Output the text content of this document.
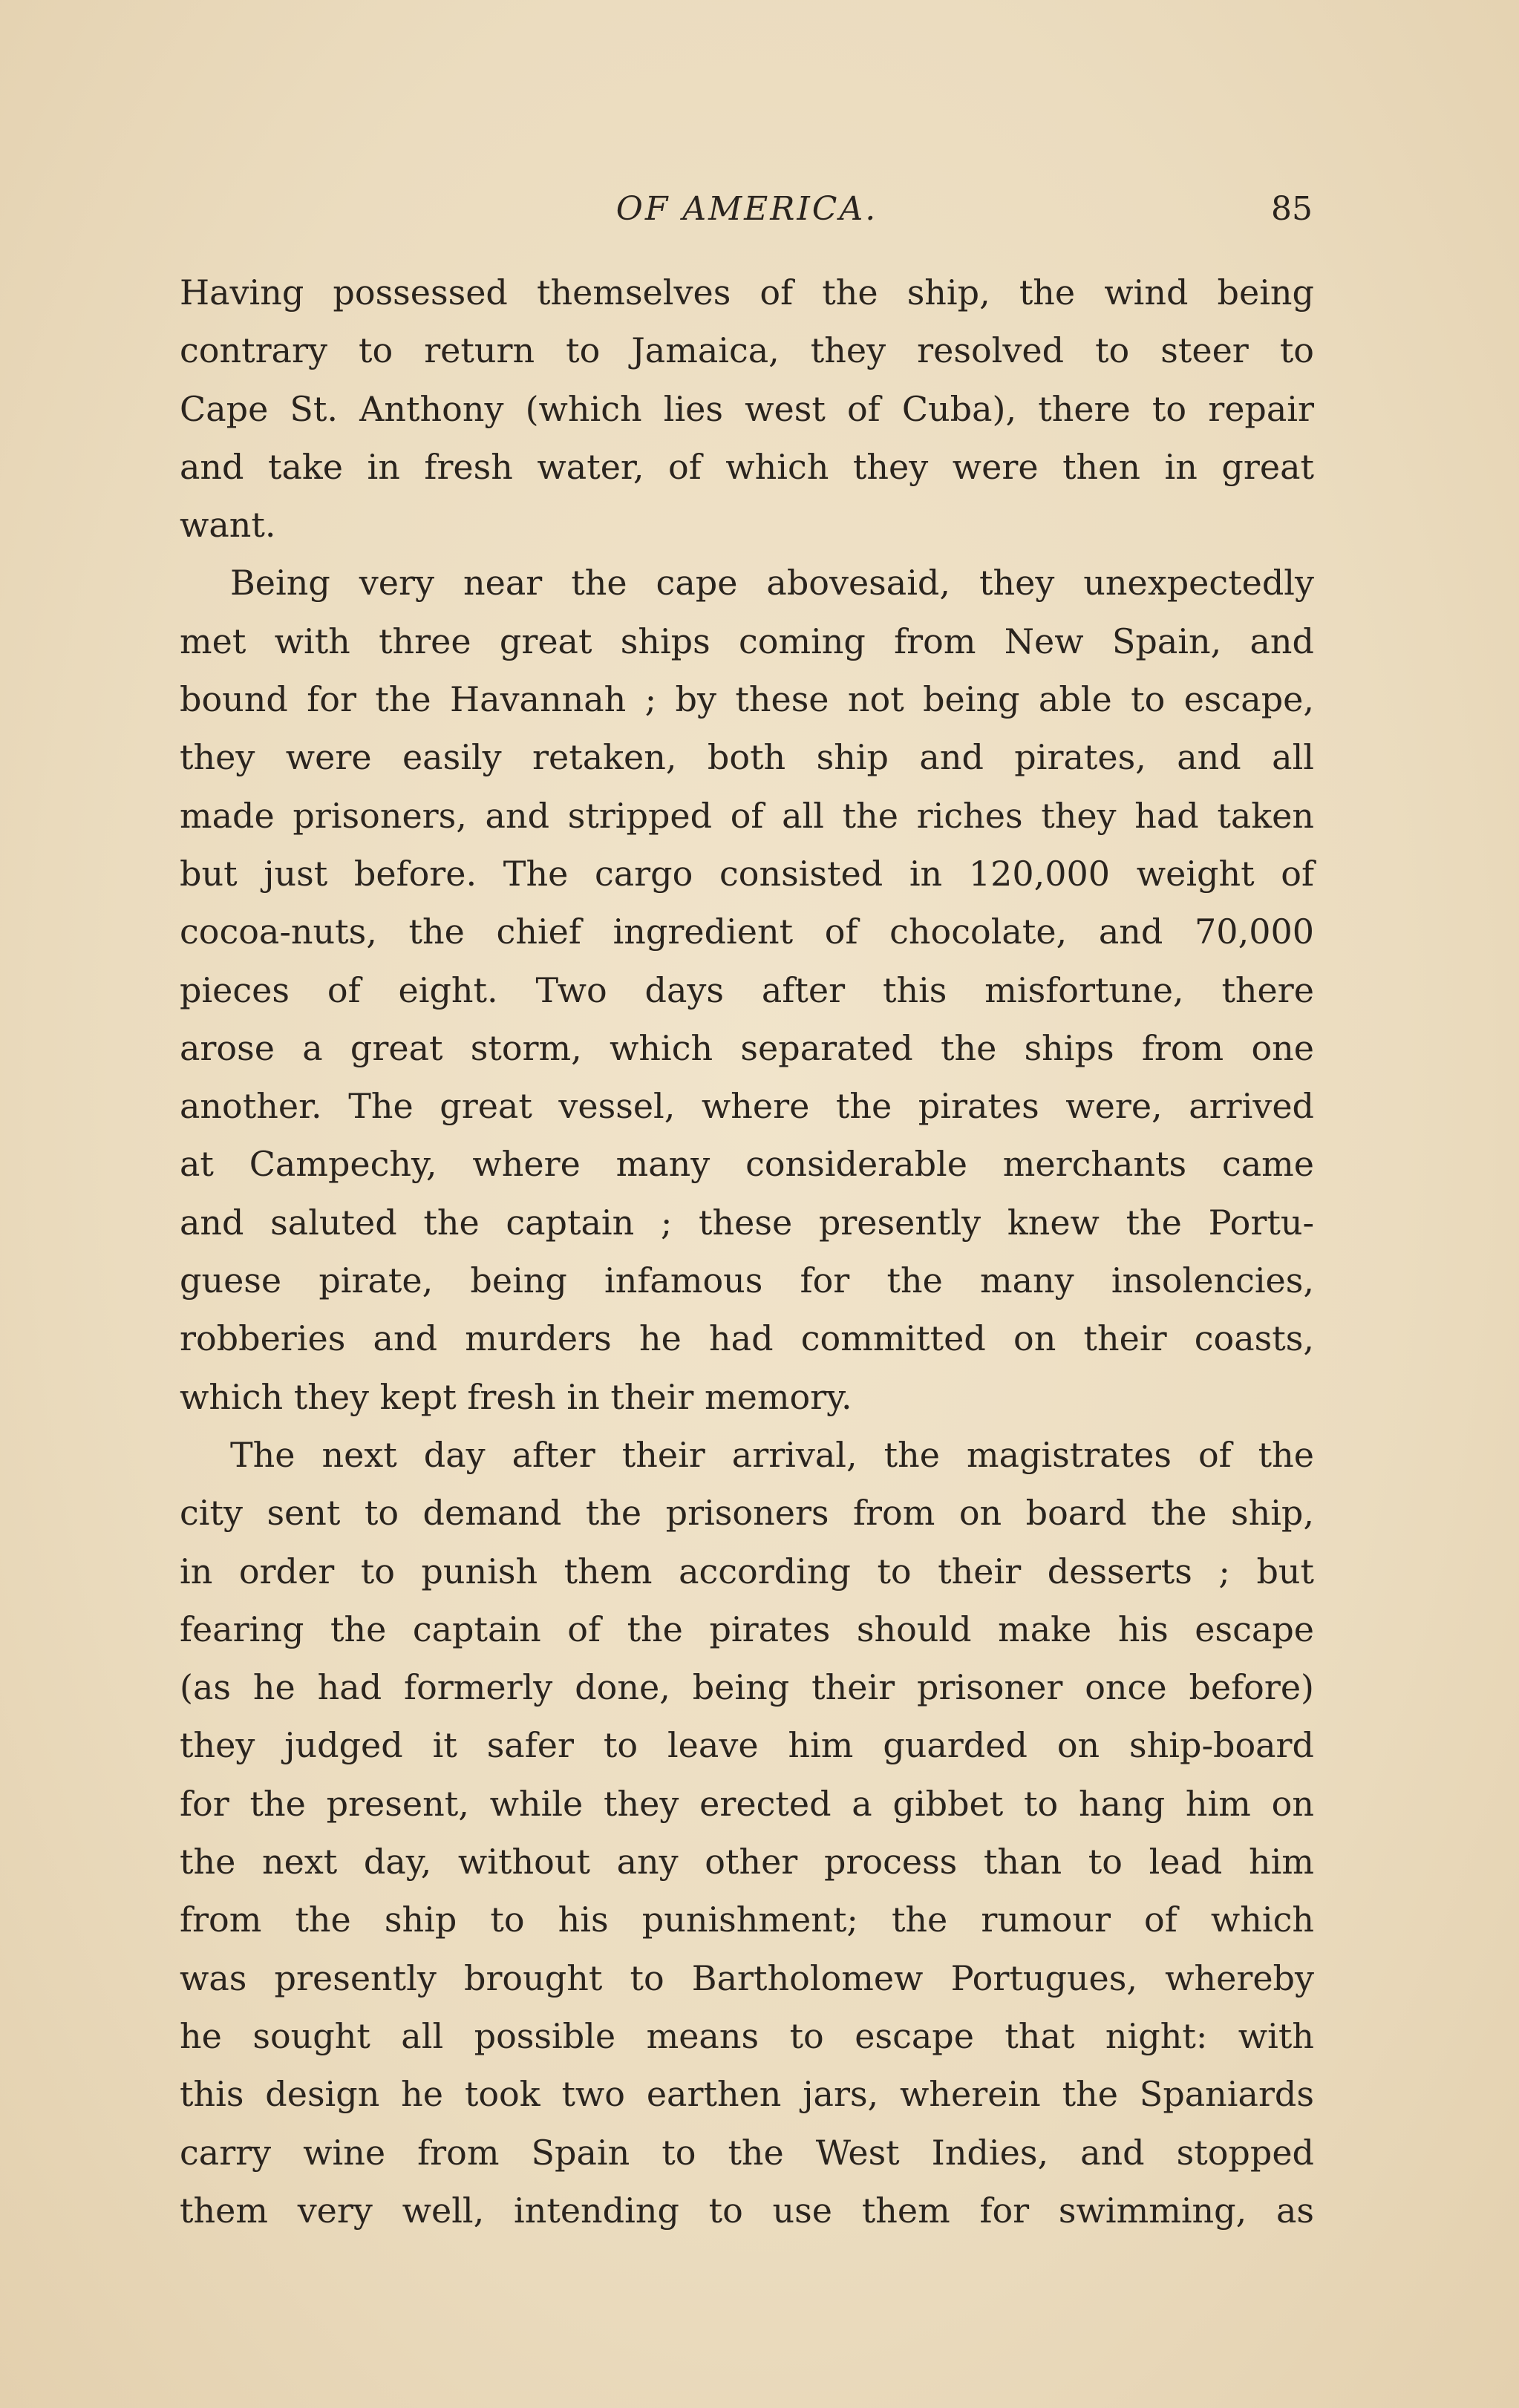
OF AMERICA.	85
Having possessed themselves of the ship, the wind being
contrary to return to Jamaica, they resolved to steer to
Cape St. Anthony (which lies west of Cuba), there to repair
and take in fresh water, of which they were then in great
want.
Being very near the cape abovesaid, they unexpectedly
met with three great ships coming from New Spain, and
bound for the Havannah ; by these not being able to escape,
they were easily retaken, both ship and pirates, and all
made prisoners, and stripped of all the riches they had taken
but just before. The cargo consisted in 120,000 weight of
cocoa-nuts, the chief ingredient of chocolate, and 70,000
pieces of eight. Two days after this misfortune, there
arose a great storm, which separated the ships from one
another. The great vessel, where the pirates were, arrived
at Campechy, where many considerable merchants came
and saluted the captain ; these presently knew the Portu-
guese pirate, being infamous for the many insolencies,
robberies and murders he had committed on their coasts,
which they kept fresh in their memory.
The next day after their arrival, the magistrates of the
city sent to demand the prisoners from on board the ship,
in order to punish them according to their desserts ; but
fearing the captain of the pirates should make his escape
(as he had formerly done, being their prisoner once before)
they judged it safer to leave him guarded on ship-board
for the present, while they erected a gibbet to hang him on
the next day, without any other process than to lead him
from the ship to his punishment; the rumour of which
was presently brought to Bartholomew Portugues, whereby
he sought all possible means to escape that night: with
this design he took two earthen jars, wherein the Spaniards
carry wine from Spain to the West Indies, and stopped
them very well, intending to use them for swimming, as
